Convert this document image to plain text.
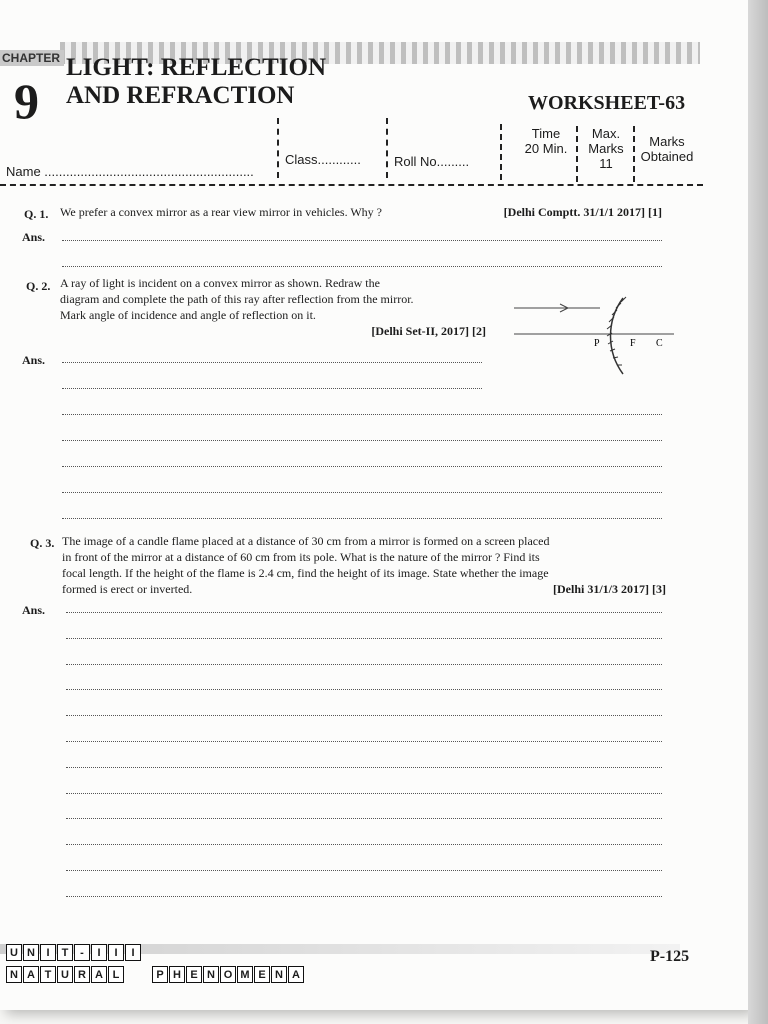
CHAPTER
9
LIGHT: REFLECTION
AND REFRACTION	WORKSHEET-63
Name ..........................................................
Class............	Roll No.........
Time
20 Min.
Max.
Marks
11
Marks
Obtained
Q. 1. We prefer a convex mirror as a rear view mirror in vehicles. Why ?	[Delhi Comptt. 31/1/1 2017] [1]
Ans.
Q. 2. A ray of light is incident on a convex mirror as shown. Redraw the
diagram and complete the path of this ray after reflection from the mirror.
Mark angle of incidence and angle of reflection on it.
[Delhi Set-II, 2017] [2]
P	F C
Ans.
Q. 3. The image of a candle flame placed at a distance of 30 cm from a mirror is formed on a screen placed
in front of the mirror at a distance of 60 cm from its pole. What is the nature of the mirror ? Find its
focal length. If the height of the flame is 2.4 cm, find the height of its image. State whether the image
formed is erect or inverted.	[Delhi 31/1/3 2017] [3]
Ans.
U N	I	T	-	I	I	I
N A T U R A L	P H E N O M E N A
P-125
